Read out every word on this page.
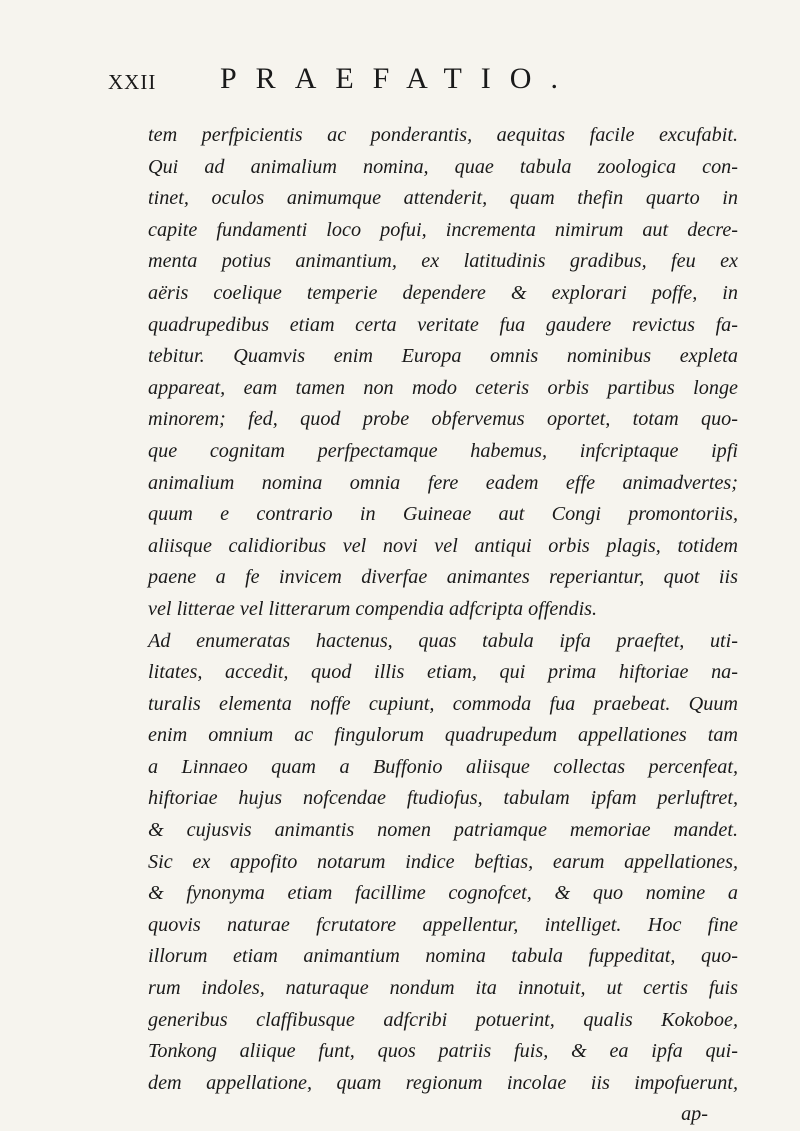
XXII PRAEFATIO.
tem perfpicientis ac ponderantis, aequitas facile excufabit.
Qui ad animalium nomina, quae tabula zoologica con-
tinet, oculos animumque attenderit, quam thefin quarto in
capite fundamenti loco pofui, incrementa nimirum aut decre-
menta potius animantium, ex latitudinis gradibus, feu ex
aëris coelique temperie dependere & explorari poffe, in
quadrupedibus etiam certa veritate fua gaudere revictus fa-
tebitur. Quamvis enim Europa omnis nominibus expleta
appareat, eam tamen non modo ceteris orbis partibus longe
minorem; fed, quod probe obfervemus oportet, totam quo-
que cognitam perfpectamque habemus, infcriptaque ipfi
animalium nomina omnia fere eadem effe animadvertes;
quum e contrario in Guineae aut Congi promontoriis,
aliisque calidioribus vel novi vel antiqui orbis plagis, totidem
paene a fe invicem diverfae animantes reperiantur, quot iis
vel litterae vel litterarum compendia adfcripta offendis.
Ad enumeratas hactenus, quas tabula ipfa praeftet, uti-
litates, accedit, quod illis etiam, qui prima hiftoriae na-
turalis elementa noffe cupiunt, commoda fua praebeat. Quum
enim omnium ac fingulorum quadrupedum appellationes tam
a Linnaeo quam a Buffonio aliisque collectas percenfeat,
hiftoriae hujus nofcendae ftudiofus, tabulam ipfam perluftret,
& cujusvis animantis nomen patriamque memoriae mandet.
Sic ex appofito notarum indice beftias, earum appellationes,
& fynonyma etiam facillime cognofcet, & quo nomine a
quovis naturae fcrutatore appellentur, intelliget. Hoc fine
illorum etiam animantium nomina tabula fuppeditat, quo-
rum indoles, naturaque nondum ita innotuit, ut certis fuis
generibus claffibusque adfcribi potuerint, qualis Kokoboe,
Tonkong aliique funt, quos patriis fuis, & ea ipfa qui-
dem appellatione, quam regionum incolae iis impofuerunt,
ap-
